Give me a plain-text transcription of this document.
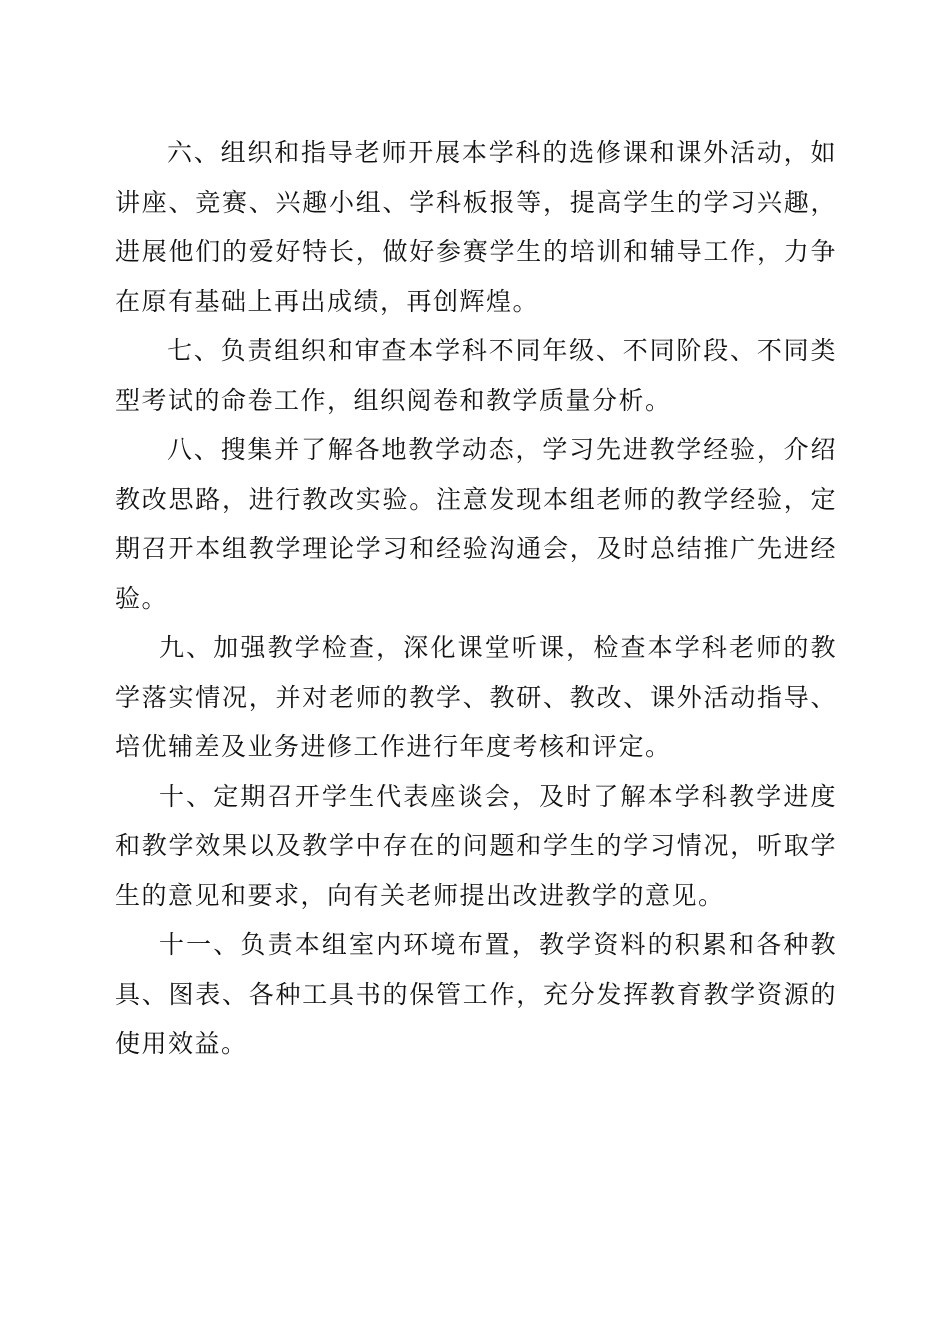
六、组织和指导老师开展本学科的选修课和课外活动，如讲座、竞赛、兴趣小组、学科板报等，提高学生的学习兴趣，进展他们的爱好特长，做好参赛学生的培训和辅导工作，力争在原有基础上再出成绩，再创辉煌。

七、负责组织和审查本学科不同年级、不同阶段、不同类型考试的命卷工作，组织阅卷和教学质量分析。

八、搜集并了解各地教学动态，学习先进教学经验，介绍教改思路，进行教改实验。注意发现本组老师的教学经验，定期召开本组教学理论学习和经验沟通会，及时总结推广先进经验。

九、加强教学检查，深化课堂听课，检查本学科老师的教学落实情况，并对老师的教学、教研、教改、课外活动指导、培优辅差及业务进修工作进行年度考核和评定。

十、定期召开学生代表座谈会，及时了解本学科教学进度和教学效果以及教学中存在的问题和学生的学习情况，听取学生的意见和要求，向有关老师提出改进教学的意见。

十一、负责本组室内环境布置，教学资料的积累和各种教具、图表、各种工具书的保管工作，充分发挥教育教学资源的使用效益。
